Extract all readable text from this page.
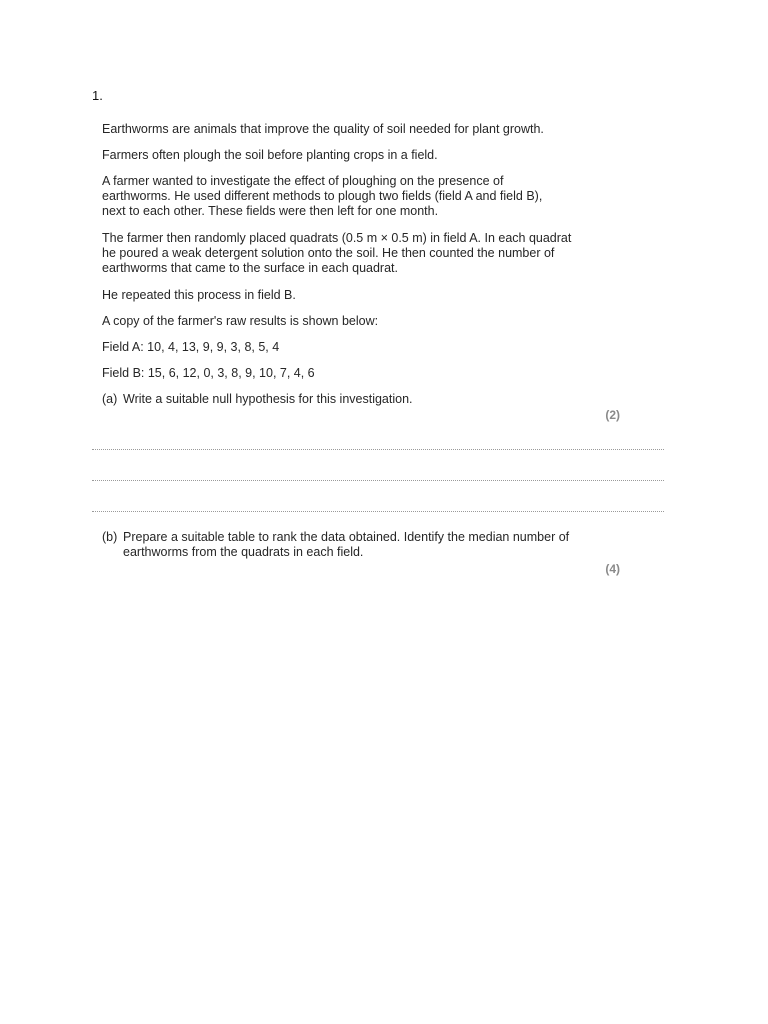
1.
Earthworms are animals that improve the quality of soil needed for plant growth.
Farmers often plough the soil before planting crops in a field.
A farmer wanted to investigate the effect of ploughing on the presence of
earthworms. He used different methods to plough two fields (field A and field B),
next to each other. These fields were then left for one month.
The farmer then randomly placed quadrats (0.5 m × 0.5 m) in field A. In each quadrat
he poured a weak detergent solution onto the soil. He then counted the number of
earthworms that came to the surface in each quadrat.
He repeated this process in field B.
A copy of the farmer's raw results is shown below:
Field A: 10, 4, 13, 9, 9, 3, 8, 5, 4
Field B: 15, 6, 12, 0, 3, 8, 9, 10, 7, 4, 6
(a) Write a suitable null hypothesis for this investigation.
(2)
(b) Prepare a suitable table to rank the data obtained. Identify the median number of
earthworms from the quadrats in each field.
(4)
